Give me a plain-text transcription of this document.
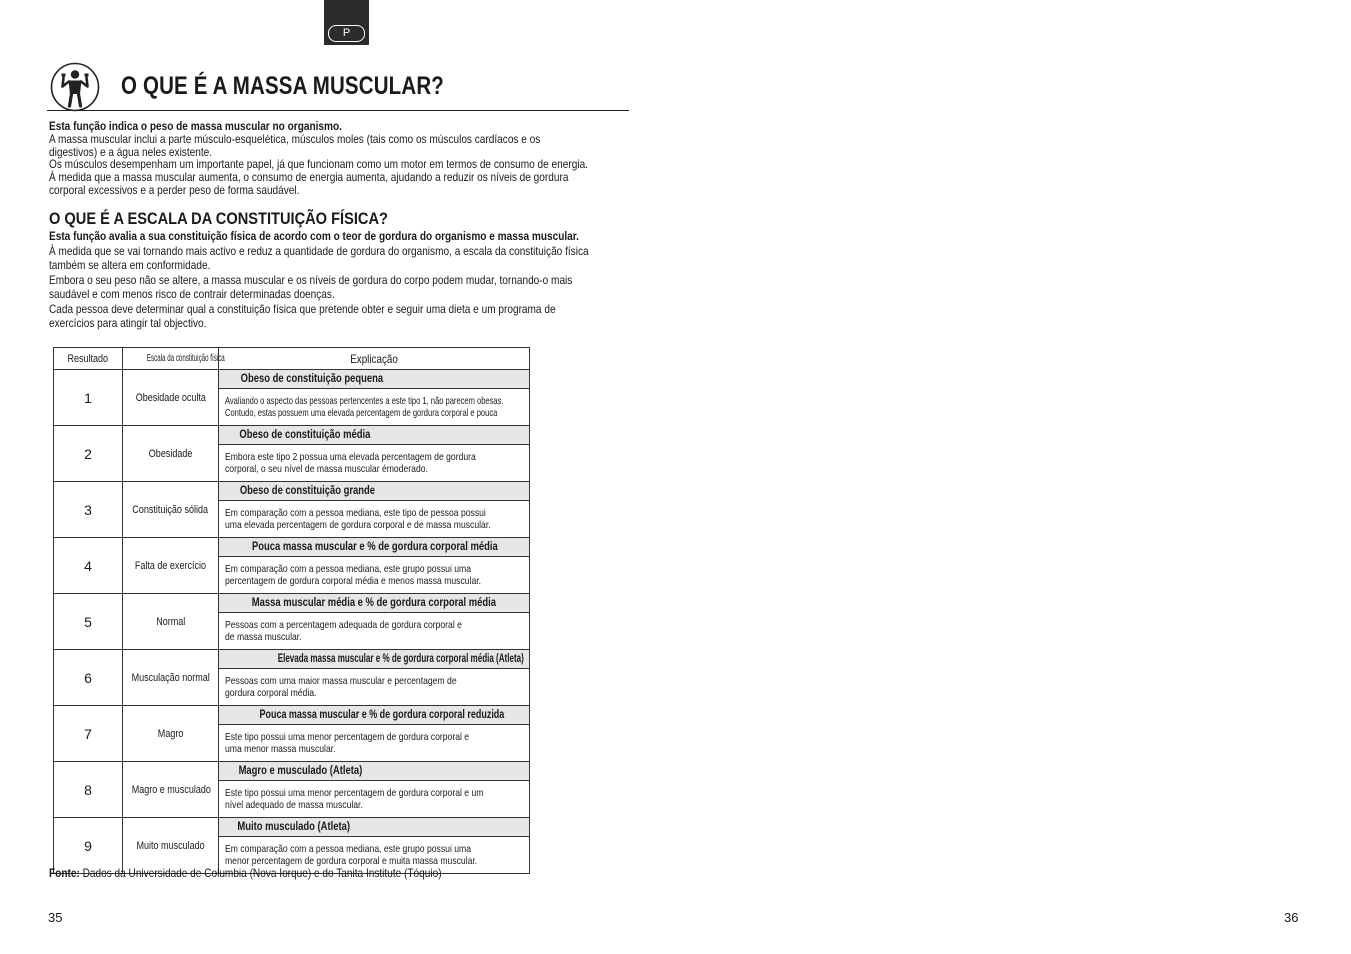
P
O QUE É A MASSA MUSCULAR?
Esta função indica o peso de massa muscular no organismo.
A massa muscular inclui a parte músculo-esquelética, músculos moles (tais como os músculos cardíacos e os
digestivos) e a água neles existente.
Os músculos desempenham um importante papel, já que funcionam como um motor em termos de consumo de energia.
À medida que a massa muscular aumenta, o consumo de energia aumenta, ajudando a reduzir os níveis de gordura
corporal excessivos e a perder peso de forma saudável.
O QUE É A ESCALA DA CONSTITUIÇÃO FÍSICA?
Esta função avalia a sua constituição física de acordo com o teor de gordura do organismo e massa muscular.
À medida que se vai tornando mais activo e reduz a quantidade de gordura do organismo, a escala da constituição física
também se altera em conformidade.
Embora o seu peso não se altere, a massa muscular e os níveis de gordura do corpo podem mudar, tornando-o mais
saudável e com menos risco de contrair determinadas doenças.
Cada pessoa deve determinar qual a constituição física que pretende obter e seguir uma dieta e um programa de
exercícios para atingir tal objectivo.
Resultado	Escala da constituição física	Explicação
1	Obesidade oculta	Obeso de constituição pequena
		Avaliando o aspecto das pessoas pertencentes a este tipo 1, não parecem obesas. Contudo, estas possuem uma elevada percentagem de gordura corporal e pouca
2	Obesidade	Obeso de constituição média
		Embora este tipo 2 possua uma elevada percentagem de gordura corporal, o seu nível de massa muscular émoderado.
3	Constituição sólida	Obeso de constituição grande
		Em comparação com a pessoa mediana, este tipo de pessoa possui uma elevada percentagem de gordura corporal e de massa muscular.
4	Falta de exercício	Pouca massa muscular e % de gordura corporal média
		Em comparação com a pessoa mediana, este grupo possui uma percentagem de gordura corporal média e menos massa muscular.
5	Normal	Massa muscular média e % de gordura corporal média
		Pessoas com a percentagem adequada de gordura corporal e de massa muscular.
6	Musculação normal	Elevada massa muscular e % de gordura corporal média (Atleta)
		Pessoas com uma maior massa muscular e percentagem de gordura corporal média.
7	Magro	Pouca massa muscular e % de gordura corporal reduzida
		Este tipo possui uma menor percentagem de gordura corporal e uma menor massa muscular.
8	Magro e musculado	Magro e musculado (Atleta)
		Este tipo possui uma menor percentagem de gordura corporal e um nível adequado de massa muscular.
9	Muito musculado	Muito musculado (Atleta)
		Em comparação com a pessoa mediana, este grupo possui uma menor percentagem de gordura corporal e muita massa muscular.
Fonte: Dados da Universidade de Columbia (Nova Iorque) e do Tanita Institute (Tóquio)
35	36
